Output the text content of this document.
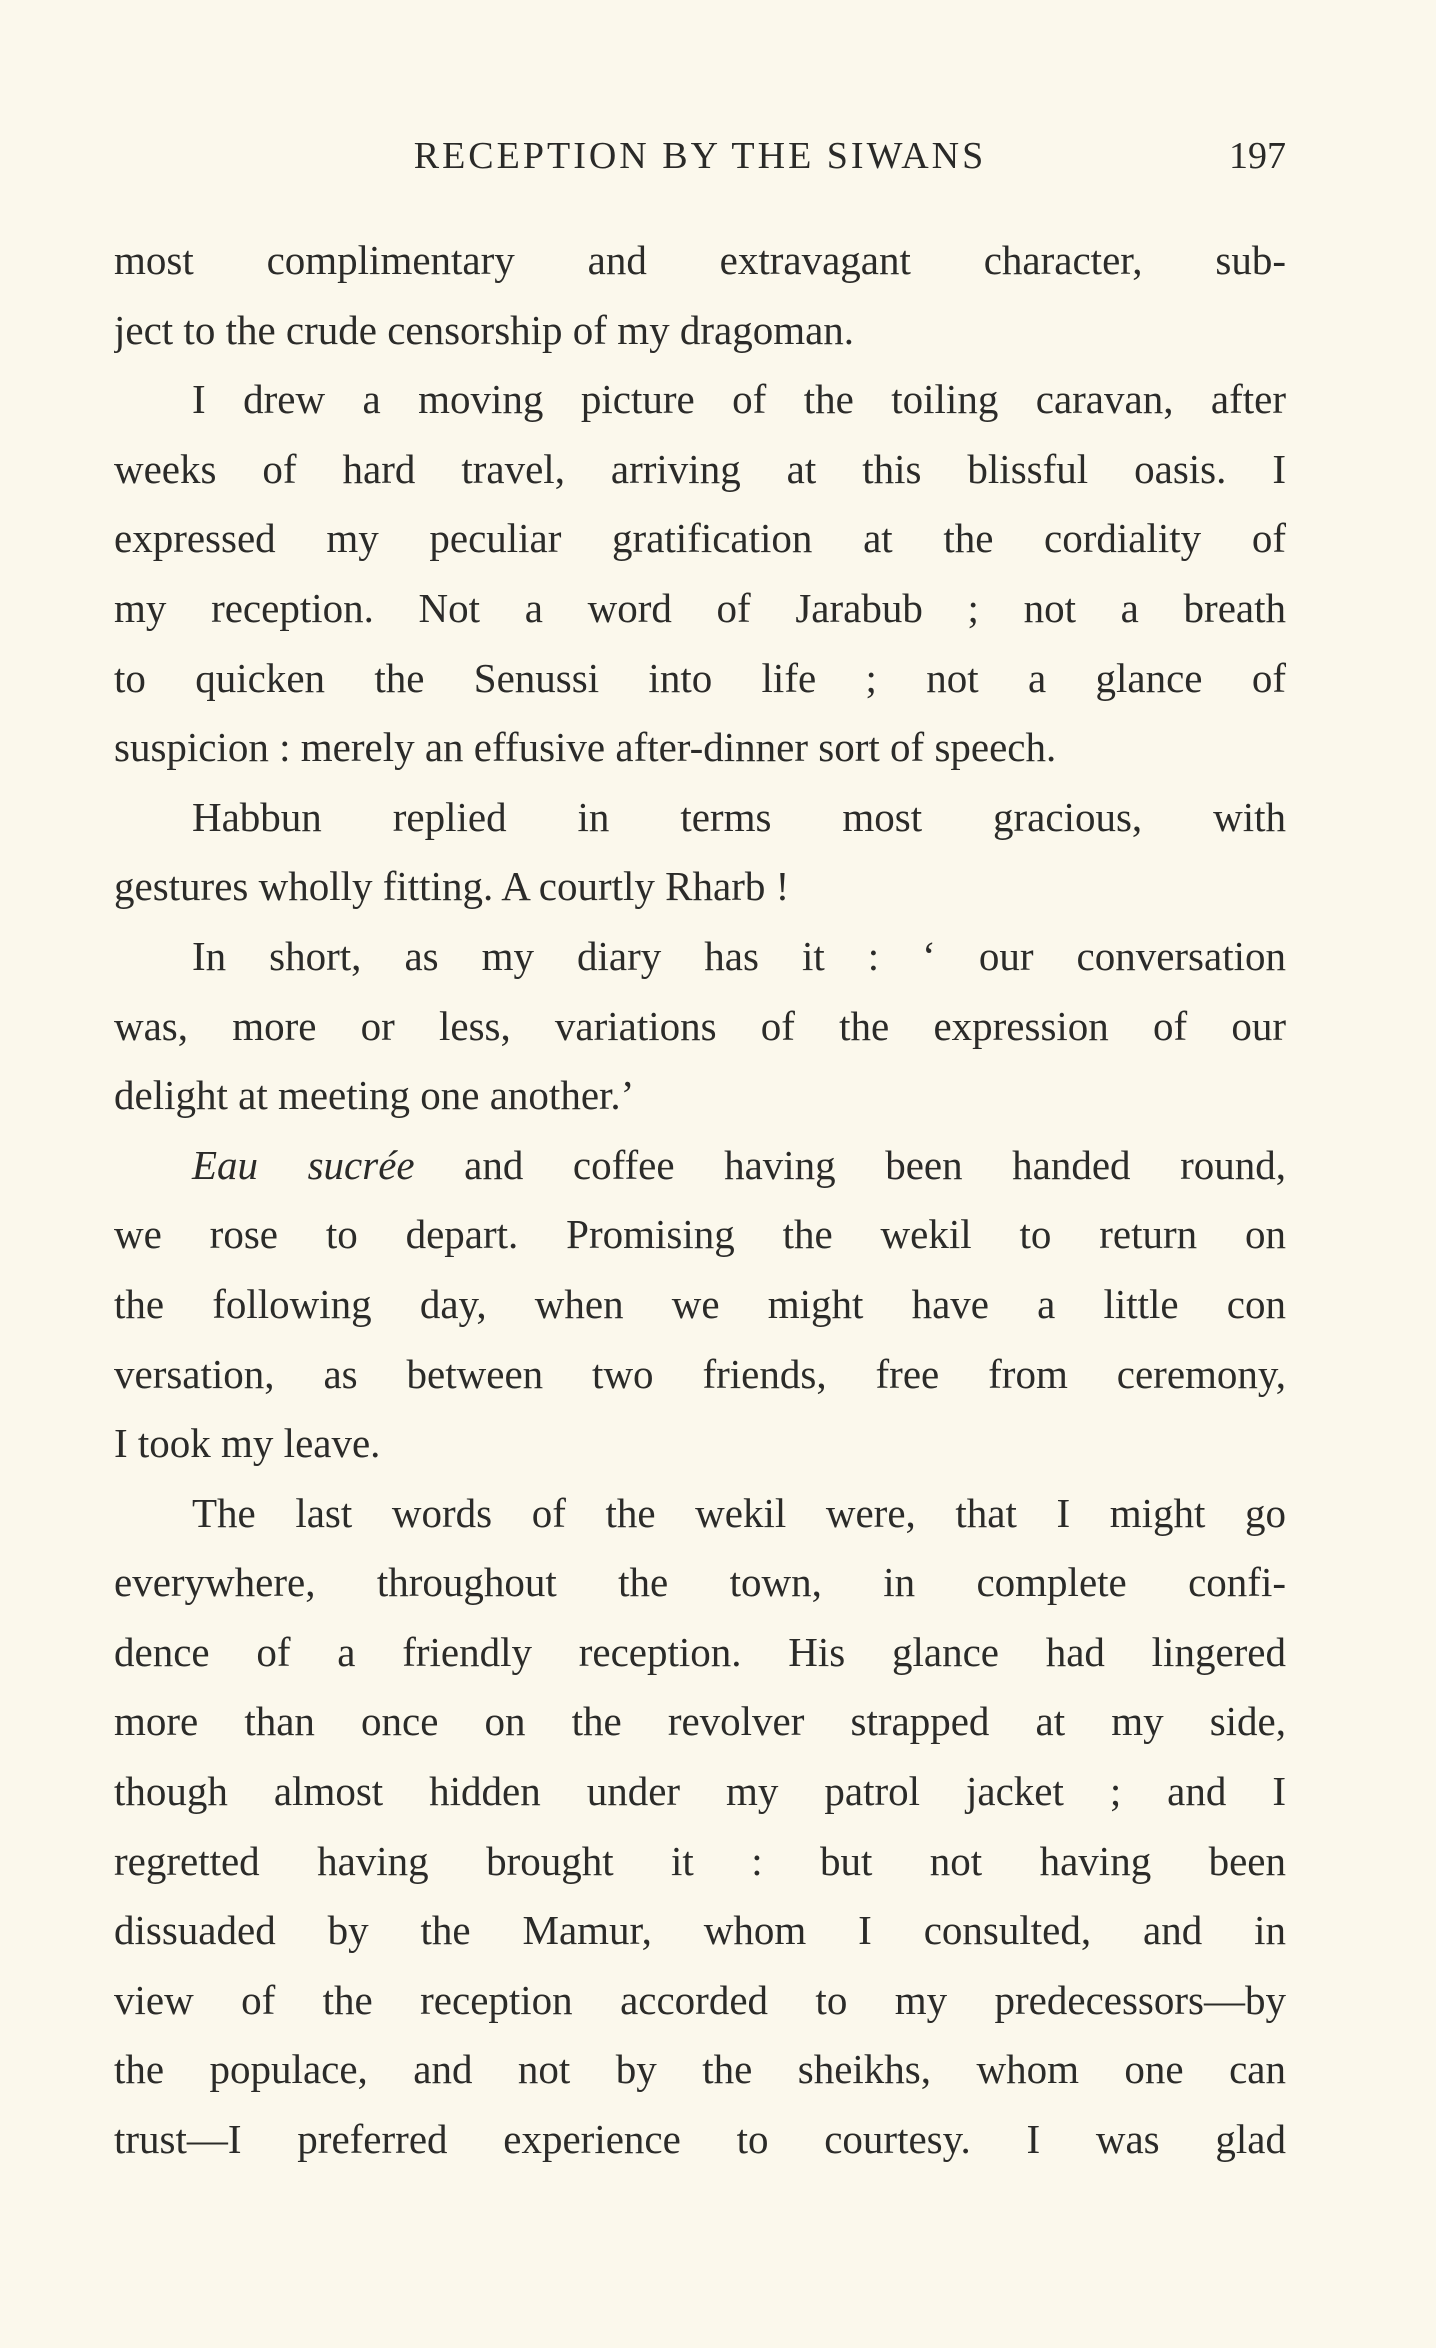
RECEPTION BY THE SIWANS	197
most complimentary and extravagant character, sub-
ject to the crude censorship of my dragoman.
I drew a moving picture of the toiling caravan, after
weeks of hard travel, arriving at this blissful oasis. I
expressed my peculiar gratification at the cordiality of
my reception. Not a word of Jarabub ; not a breath
to quicken the Senussi into life ; not a glance of
suspicion : merely an effusive after-dinner sort of speech.
Habbun replied in terms most gracious, with
gestures wholly fitting. A courtly Rharb !
In short, as my diary has it : ‘ our conversation
was, more or less, variations of the expression of our
delight at meeting one another.’
Eau sucrée and coffee having been handed round,
we rose to depart. Promising the wekil to return on
the following day, when we might have a little con
versation, as between two friends, free from ceremony,
I took my leave.
The last words of the wekil were, that I might go
everywhere, throughout the town, in complete confi-
dence of a friendly reception. His glance had lingered
more than once on the revolver strapped at my side,
though almost hidden under my patrol jacket ; and I
regretted having brought it : but not having been
dissuaded by the Mamur, whom I consulted, and in
view of the reception accorded to my predecessors—by
the populace, and not by the sheikhs, whom one can
trust—I preferred experience to courtesy. I was glad
